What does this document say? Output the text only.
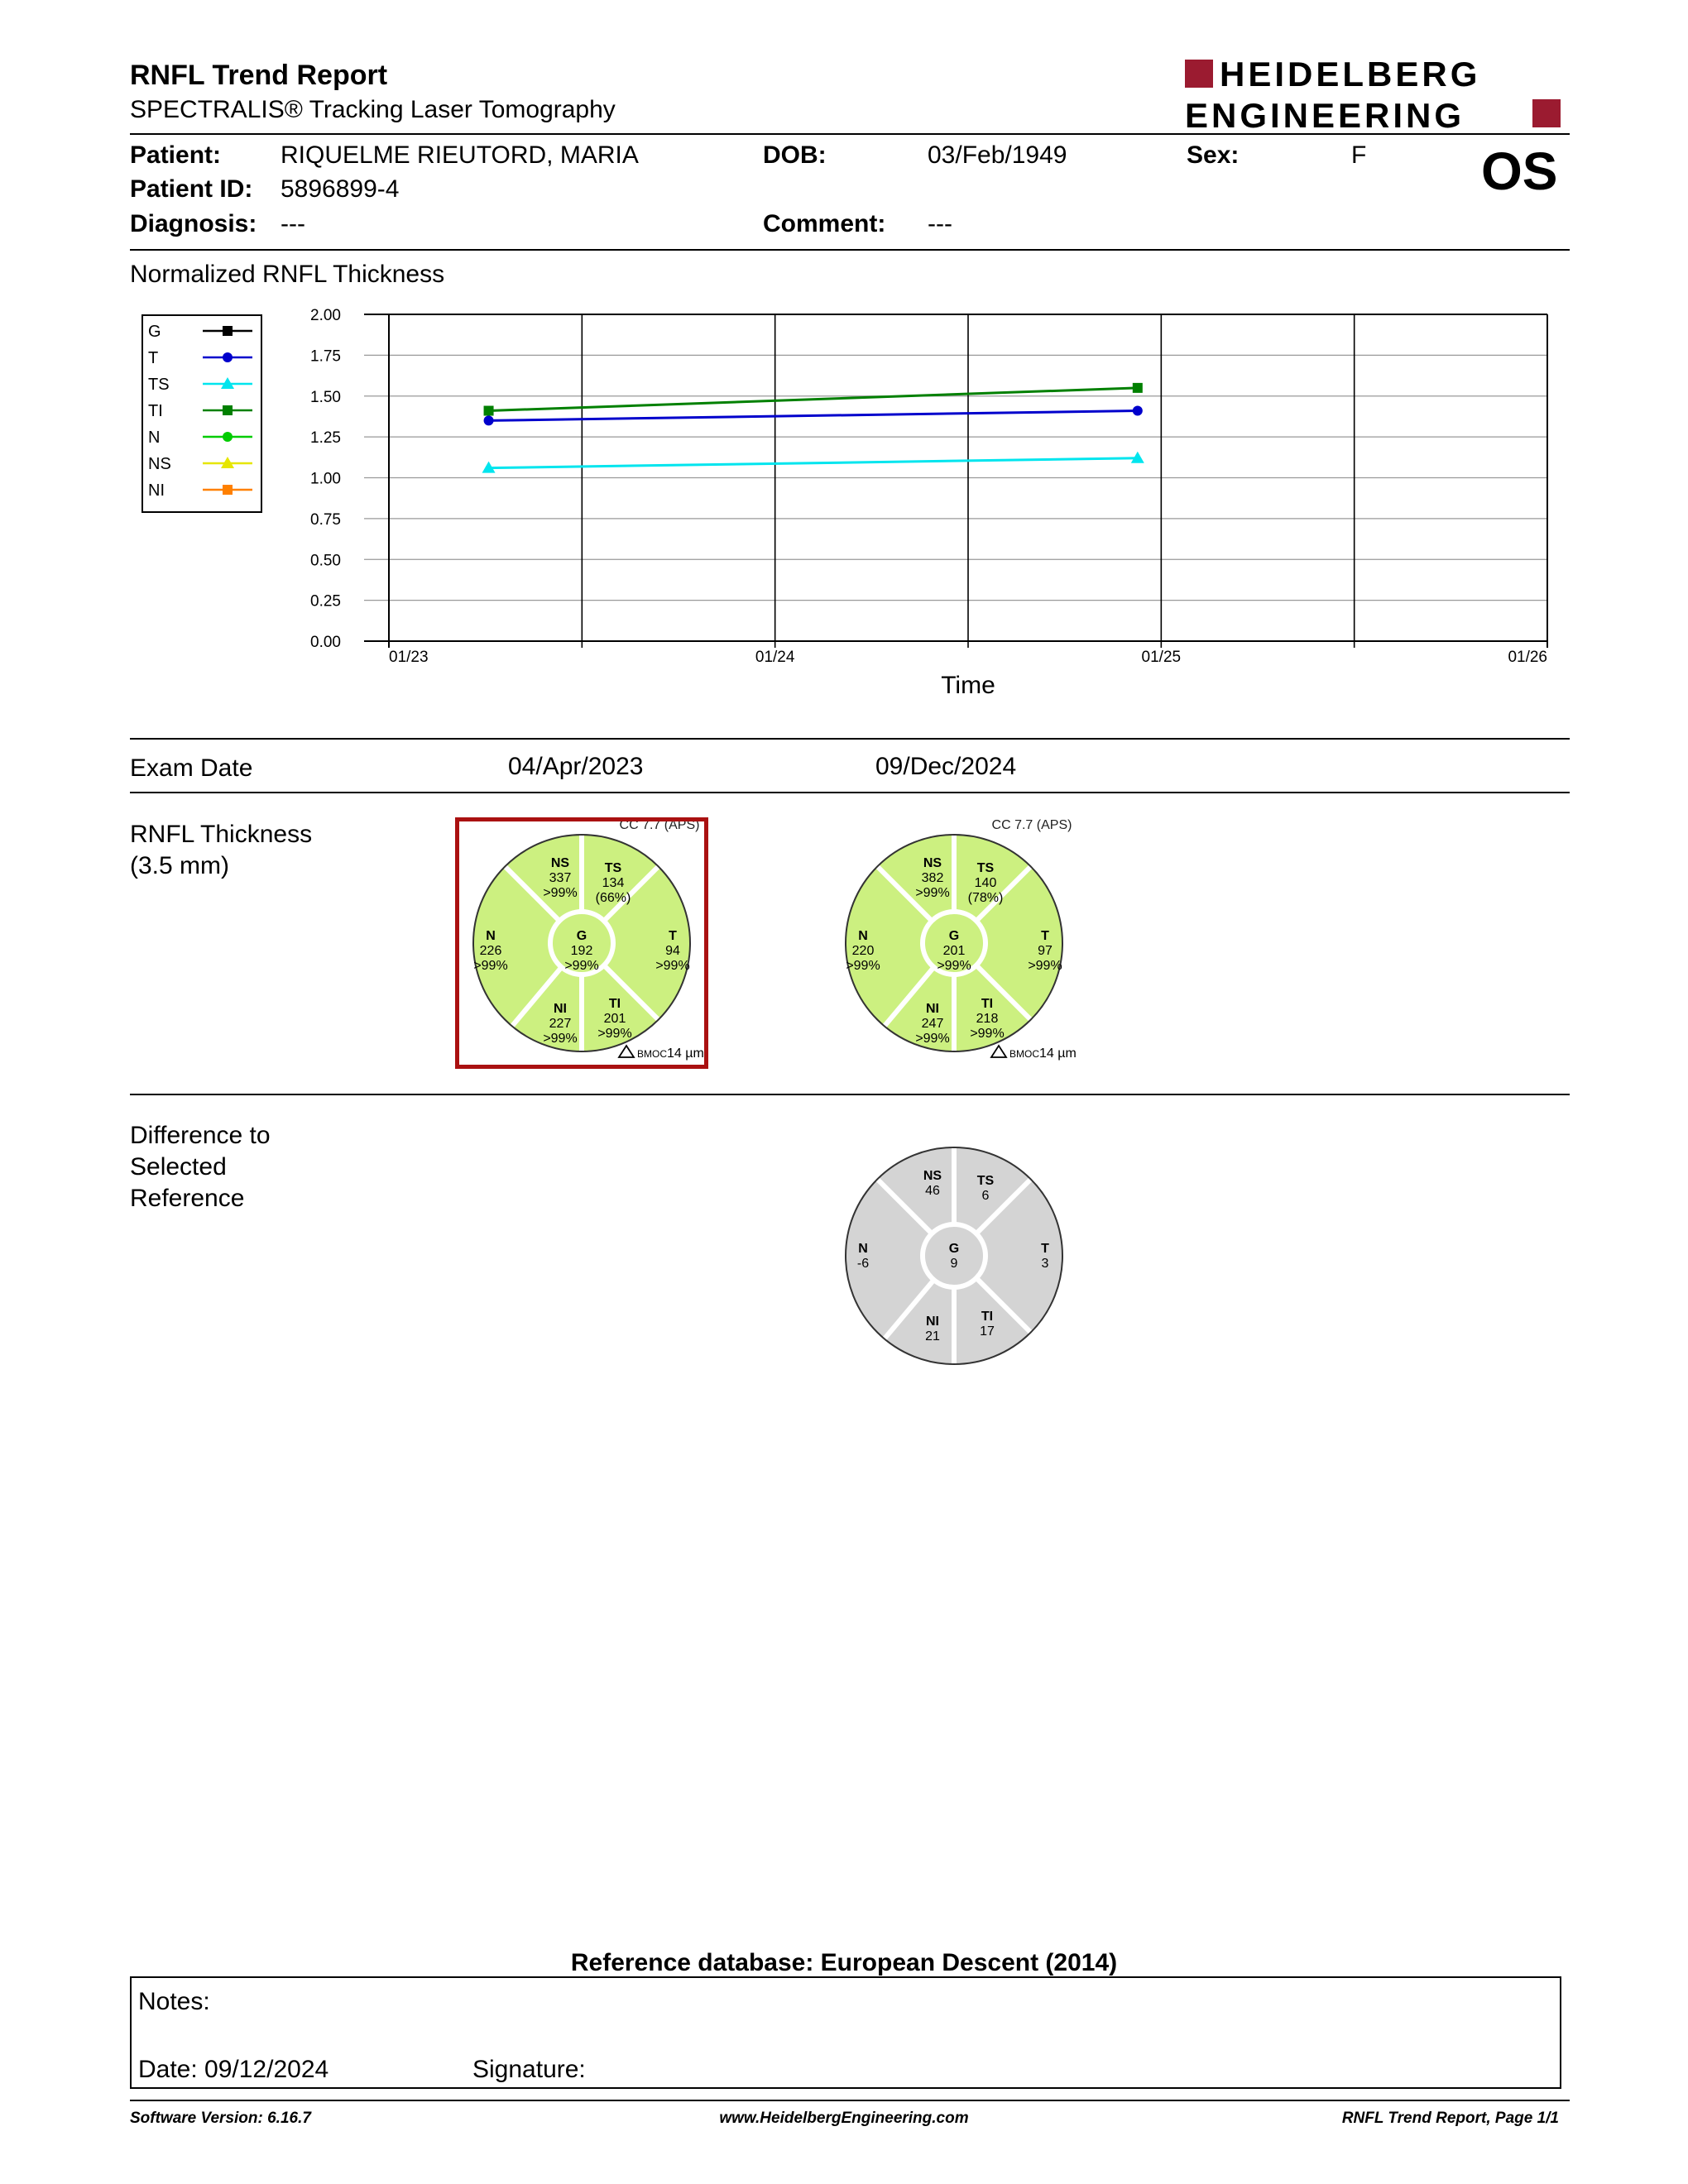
RNFL Trend Report
SPECTRALIS® Tracking Laser Tomography
HEIDELBERG
ENGINEERING
Patient: RIQUELME RIEUTORD, MARIA	DOB:	03/Feb/1949	Sex:	F OS
Patient ID: 5896899-4
Diagnosis: ---	Comment: ---
Normalized RNFL Thickness
G
T
TS
TI
N
NS
NI
0.00
0.25
0.50
0.75
1.00
1.25
1.50
1.75
2.00
01/23	01/24	01/25	01/26
Time
Exam Date	04/Apr/2023	09/Dec/2024
RNFL Thickness
(3.5 mm)	NS
337
>99%
TS
134
(66%)
N
226
>99%
G
192
>99%
T
94
>99%
NI
227
>99%
TI
201
>99%
CC 7.7 (APS)
BMOC 14 µm
NS
382
>99%
TS
140
(78%)
N
220
>99%
G
201
>99%
T
97
>99%
NI
247
>99%
TI
218
>99%
CC 7.7 (APS)
BMOC 14 µm
Difference to
Selected
Reference
NS
46
TS
6
N
-6
G
9
T
3
NI
21
TI
17
Reference database: European Descent (2014)
Notes:
Date: 09/12/2024	Signature:
Software Version: 6.16.7	www.HeidelbergEngineering.com	RNFL Trend Report, Page 1/1
